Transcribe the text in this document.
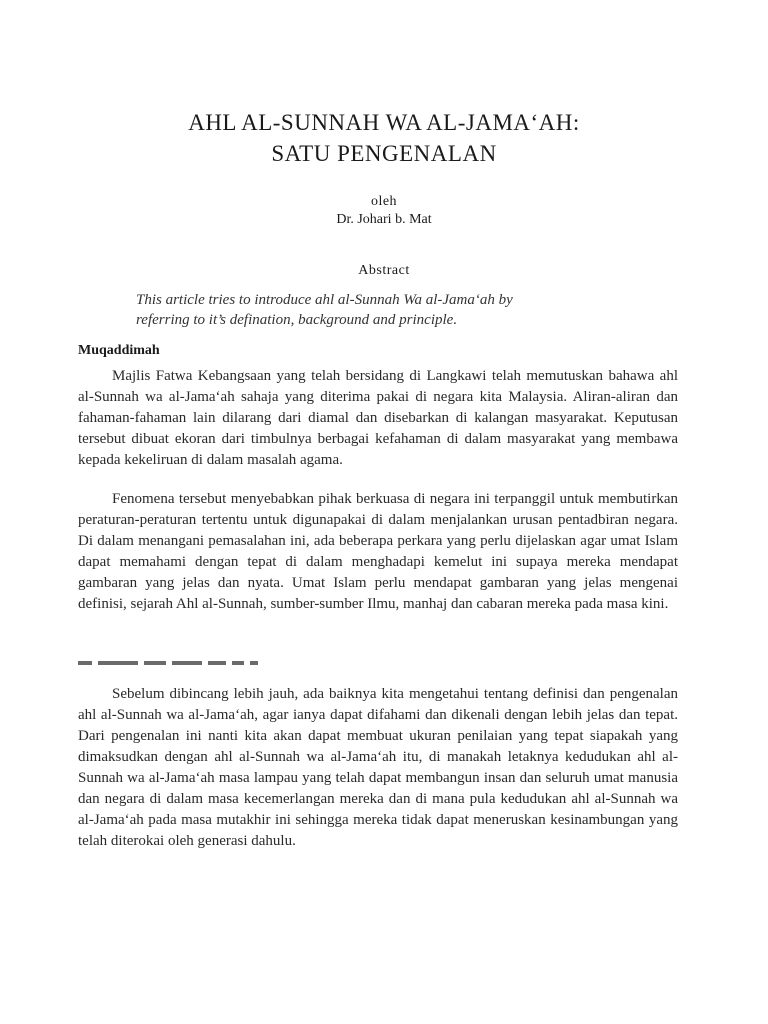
AHL AL-SUNNAH WA AL-JAMA‘AH:
SATU PENGENALAN
oleh
Dr. Johari b. Mat
Abstract
This article tries to introduce ahl al-Sunnah Wa al-Jama‘ah by
referring to it’s defination, background and principle.
Muqaddimah
Majlis Fatwa Kebangsaan yang telah bersidang di Langkawi telah memutuskan bahawa ahl al-Sunnah wa al-Jama‘ah sahaja yang diterima pakai di negara kita Malaysia. Aliran-aliran dan fahaman-fahaman lain dilarang dari diamal dan disebarkan di kalangan masyarakat. Keputusan tersebut dibuat ekoran dari timbulnya berbagai kefahaman di dalam masyarakat yang membawa kepada kekeliruan di dalam masalah agama.
Fenomena tersebut menyebabkan pihak berkuasa di negara ini terpanggil untuk membutirkan peraturan-peraturan tertentu untuk digunapakai di dalam menjalankan urusan pentadbiran negara. Di dalam menangani pemasalahan ini, ada beberapa perkara yang perlu dijelaskan agar umat Islam dapat memahami dengan tepat di dalam menghadapi kemelut ini supaya mereka mendapat gambaran yang jelas dan nyata. Umat Islam perlu mendapat gambaran yang jelas mengenai definisi, sejarah Ahl al-Sunnah, sumber-sumber Ilmu, manhaj dan cabaran mereka pada masa kini.
Sebelum dibincang lebih jauh, ada baiknya kita mengetahui tentang definisi dan pengenalan ahl al-Sunnah wa al-Jama‘ah, agar ianya dapat difahami dan dikenali dengan lebih jelas dan tepat. Dari pengenalan ini nanti kita akan dapat membuat ukuran penilaian yang tepat siapakah yang dimaksudkan dengan ahl al-Sunnah wa al-Jama‘ah itu, di manakah letaknya kedudukan ahl al-Sunnah wa al-Jama‘ah masa lampau yang telah dapat membangun insan dan seluruh umat manusia dan negara di dalam masa kecemerlangan mereka dan di mana pula kedudukan ahl al-Sunnah wa al-Jama‘ah pada masa mutakhir ini sehingga mereka tidak dapat meneruskan kesinambungan yang telah diterokai oleh generasi dahulu.
